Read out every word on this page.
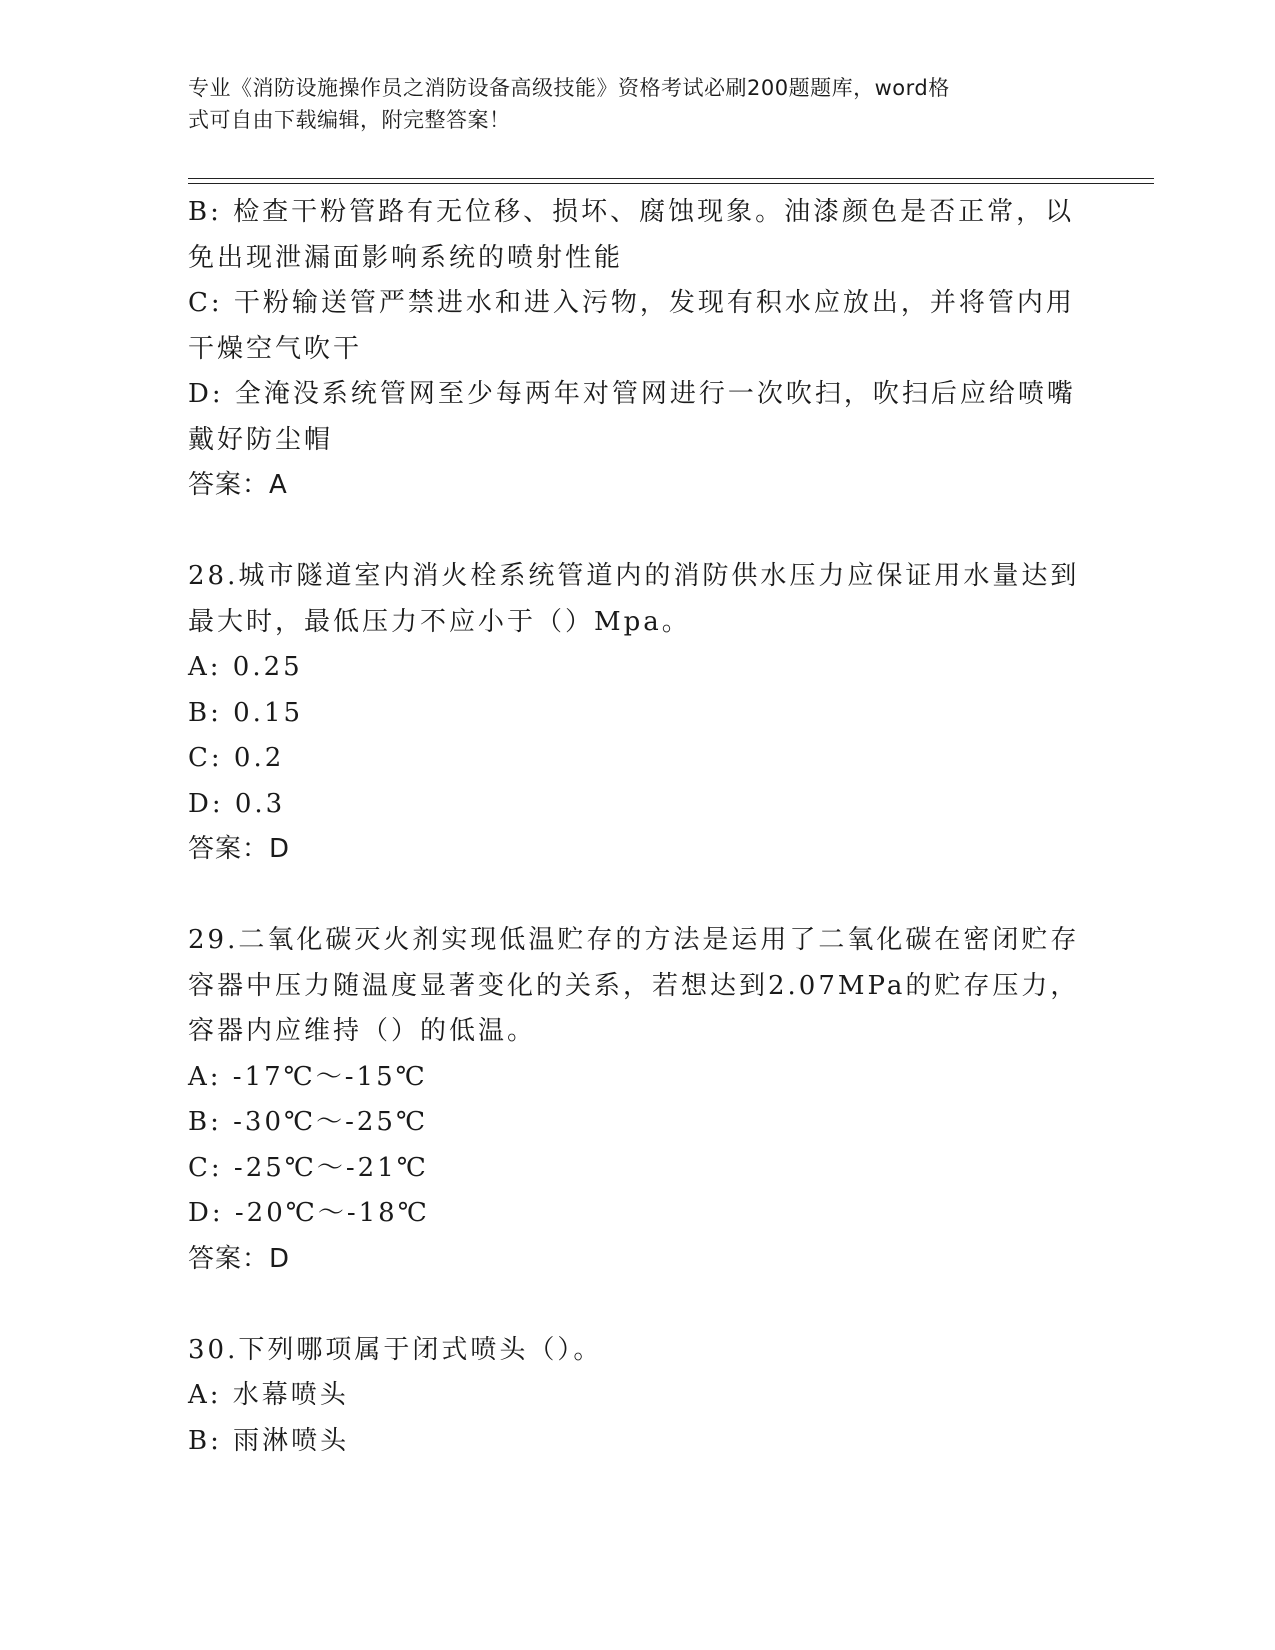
专业《消防设施操作员之消防设备高级技能》资格考试必刷200题题库，word格
式可自由下载编辑，附完整答案！
B: 检查干粉管路有无位移、损坏、腐蚀现象。油漆颜色是否正常，以
免出现泄漏面影响系统的喷射性能
C: 干粉输送管严禁进水和进入污物，发现有积水应放出，并将管内用
干燥空气吹干
D: 全淹没系统管网至少每两年对管网进行一次吹扫，吹扫后应给喷嘴
戴好防尘帽
答案：A
28.城市隧道室内消火栓系统管道内的消防供水压力应保证用水量达到
最大时，最低压力不应小于（）Mpa。
A: 0.25
B: 0.15
C: 0.2
D: 0.3
答案：D
29.二氧化碳灭火剂实现低温贮存的方法是运用了二氧化碳在密闭贮存
容器中压力随温度显著变化的关系，若想达到2.07MPa的贮存压力，
容器内应维持（）的低温。
A: -17℃～-15℃
B: -30℃～-25℃
C: -25℃～-21℃
D: -20℃～-18℃
答案：D
30.下列哪项属于闭式喷头（）。
A: 水幕喷头
B: 雨淋喷头
